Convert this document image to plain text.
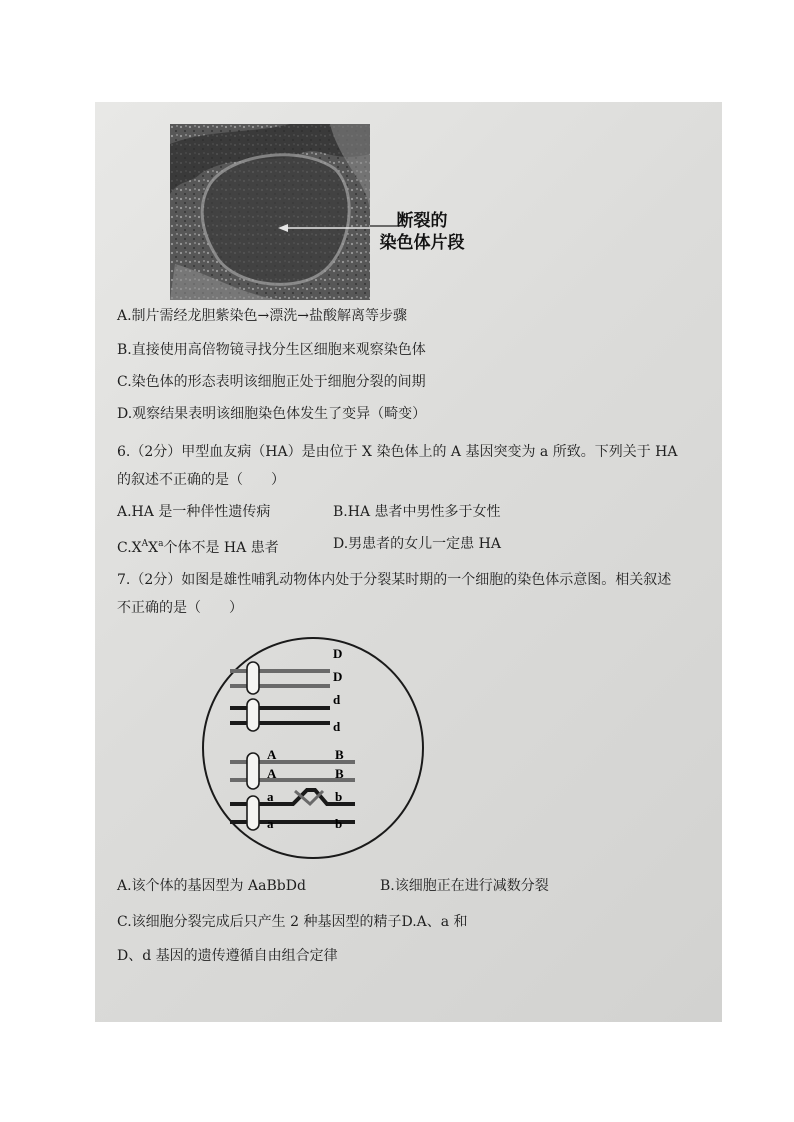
断裂的
染色体片段
A.制片需经龙胆紫染色→漂洗→盐酸解离等步骤
B.直接使用高倍物镜寻找分生区细胞来观察染色体
C.染色体的形态表明该细胞正处于细胞分裂的间期
D.观察结果表明该细胞染色体发生了变异（畸变）
6.（2分）甲型血友病（HA）是由位于 X 染色体上的 A 基因突变为 a 所致。下列关于 HA
的叙述不正确的是（　　）
A.HA 是一种伴性遗传病	B.HA 患者中男性多于女性
$C.X^AX^a$个体不是 HA 患者	D.男患者的女儿一定患 HA
7.（2分）如图是雄性哺乳动物体内处于分裂某时期的一个细胞的染色体示意图。相关叙述
不正确的是（　　）
D
D
d
d
A
A
a
a
B
B
b
b
A.该个体的基因型为 AaBbDd	B.该细胞正在进行减数分裂
C.该细胞分裂完成后只产生 2 种基因型的精子D.A、a 和
D、d 基因的遗传遵循自由组合定律
